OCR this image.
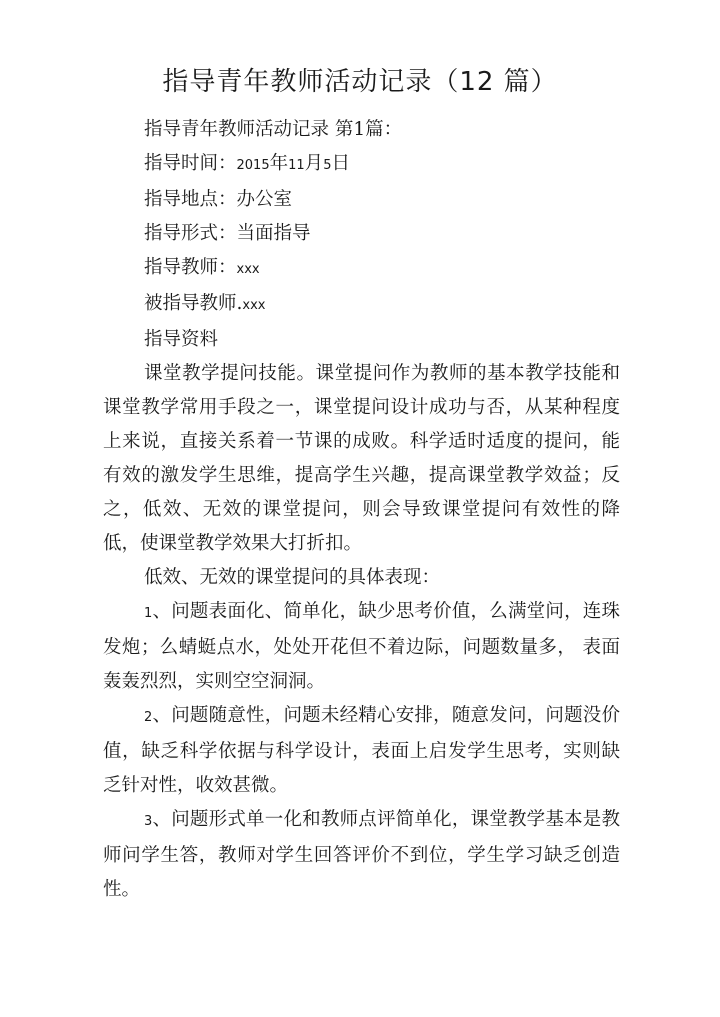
指导青年教师活动记录（12 篇）
指导青年教师活动记录 第1篇：
指导时间：2015年11月5日
指导地点：办公室
指导形式：当面指导
指导教师：xxx
被指导教师.xxx
指导资料

课堂教学提问技能。课堂提问作为教师的基本教学技能和课堂教学常用手段之一，课堂提问设计成功与否，从某种程度上来说，直接关系着一节课的成败。科学适时适度的提问，能有效的激发学生思维，提高学生兴趣，提高课堂教学效益；反之，低效、无效的课堂提问，则会导致课堂提问有效性的降低，使课堂教学效果大打折扣。

低效、无效的课堂提问的具体表现：

1、问题表面化、简单化，缺少思考价值，么满堂问，连珠发炮；么蜻蜓点水，处处开花但不着边际，问题数量多， 表面轰轰烈烈，实则空空洞洞。

2、问题随意性，问题未经精心安排，随意发问，问题没价值，缺乏科学依据与科学设计，表面上启发学生思考，实则缺乏针对性，收效甚微。

3、问题形式单一化和教师点评简单化，课堂教学基本是教师问学生答，教师对学生回答评价不到位，学生学习缺乏创造性。
